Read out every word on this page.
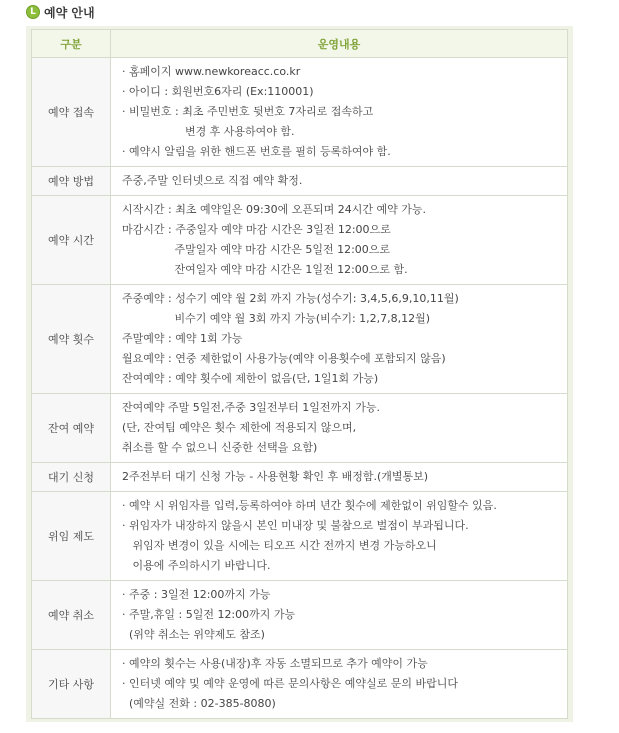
L 예약 안내
구분	운영내용
예약 접속	· 홈페이지 www.newkoreacc.co.kr
· 아이디 : 회원번호6자리 (Ex:110001)
· 비밀번호 : 최초 주민번호 뒷번호 7자리로 접속하고
변경 후 사용하여야 함.
· 예약시 알림을 위한 핸드폰 번호를 필히 등록하여야 함.

예약 방법	주중,주말 인터넷으로 직접 예약 확정.

예약 시간	시작시간 : 최초 예약일은 09:30에 오픈되며 24시간 예약 가능.
마감시간 : 주중일자 예약 마감 시간은 3일전 12:00으로
주말일자 예약 마감 시간은 5일전 12:00으로
잔여일자 예약 마감 시간은 1일전 12:00으로 함.

예약 횟수	주중예약 : 성수기 예약 월 2회 까지 가능(성수기: 3,4,5,6,9,10,11월)
비수기 예약 월 3회 까지 가능(비수기: 1,2,7,8,12월)
주말예약 : 예약 1회 가능
월요예약 : 연중 제한없이 사용가능(예약 이용횟수에 포함되지 않음)
잔여예약 : 예약 횟수에 제한이 없음(단, 1일1회 가능)

잔여 예약	잔여예약 주말 5일전,주중 3일전부터 1일전까지 가능.
(단, 잔여팀 예약은 횟수 제한에 적용되지 않으며,
취소를 할 수 없으니 신중한 선택을 요함)

대기 신청	2주전부터 대기 신청 가능 - 사용현황 확인 후 배정함.(개별통보)

위임 제도	· 예약 시 위임자를 입력,등록하여야 하며 년간 횟수에 제한없이 위임할수 있음.
· 위임자가 내장하지 않을시 본인 미내장 및 불참으로 벌점이 부과됩니다.
위임자 변경이 있을 시에는 티오프 시간 전까지 변경 가능하오니
이용에 주의하시기 바랍니다.

예약 취소	· 주중 : 3일전 12:00까지 가능
· 주말,휴일 : 5일전 12:00까지 가능
(위약 취소는 위약제도 참조)

기타 사항	· 예약의 횟수는 사용(내장)후 자동 소멸되므로 추가 예약이 가능
· 인터넷 예약 및 예약 운영에 따른 문의사항은 예약실로 문의 바랍니다
(예약실 전화 : 02-385-8080)
